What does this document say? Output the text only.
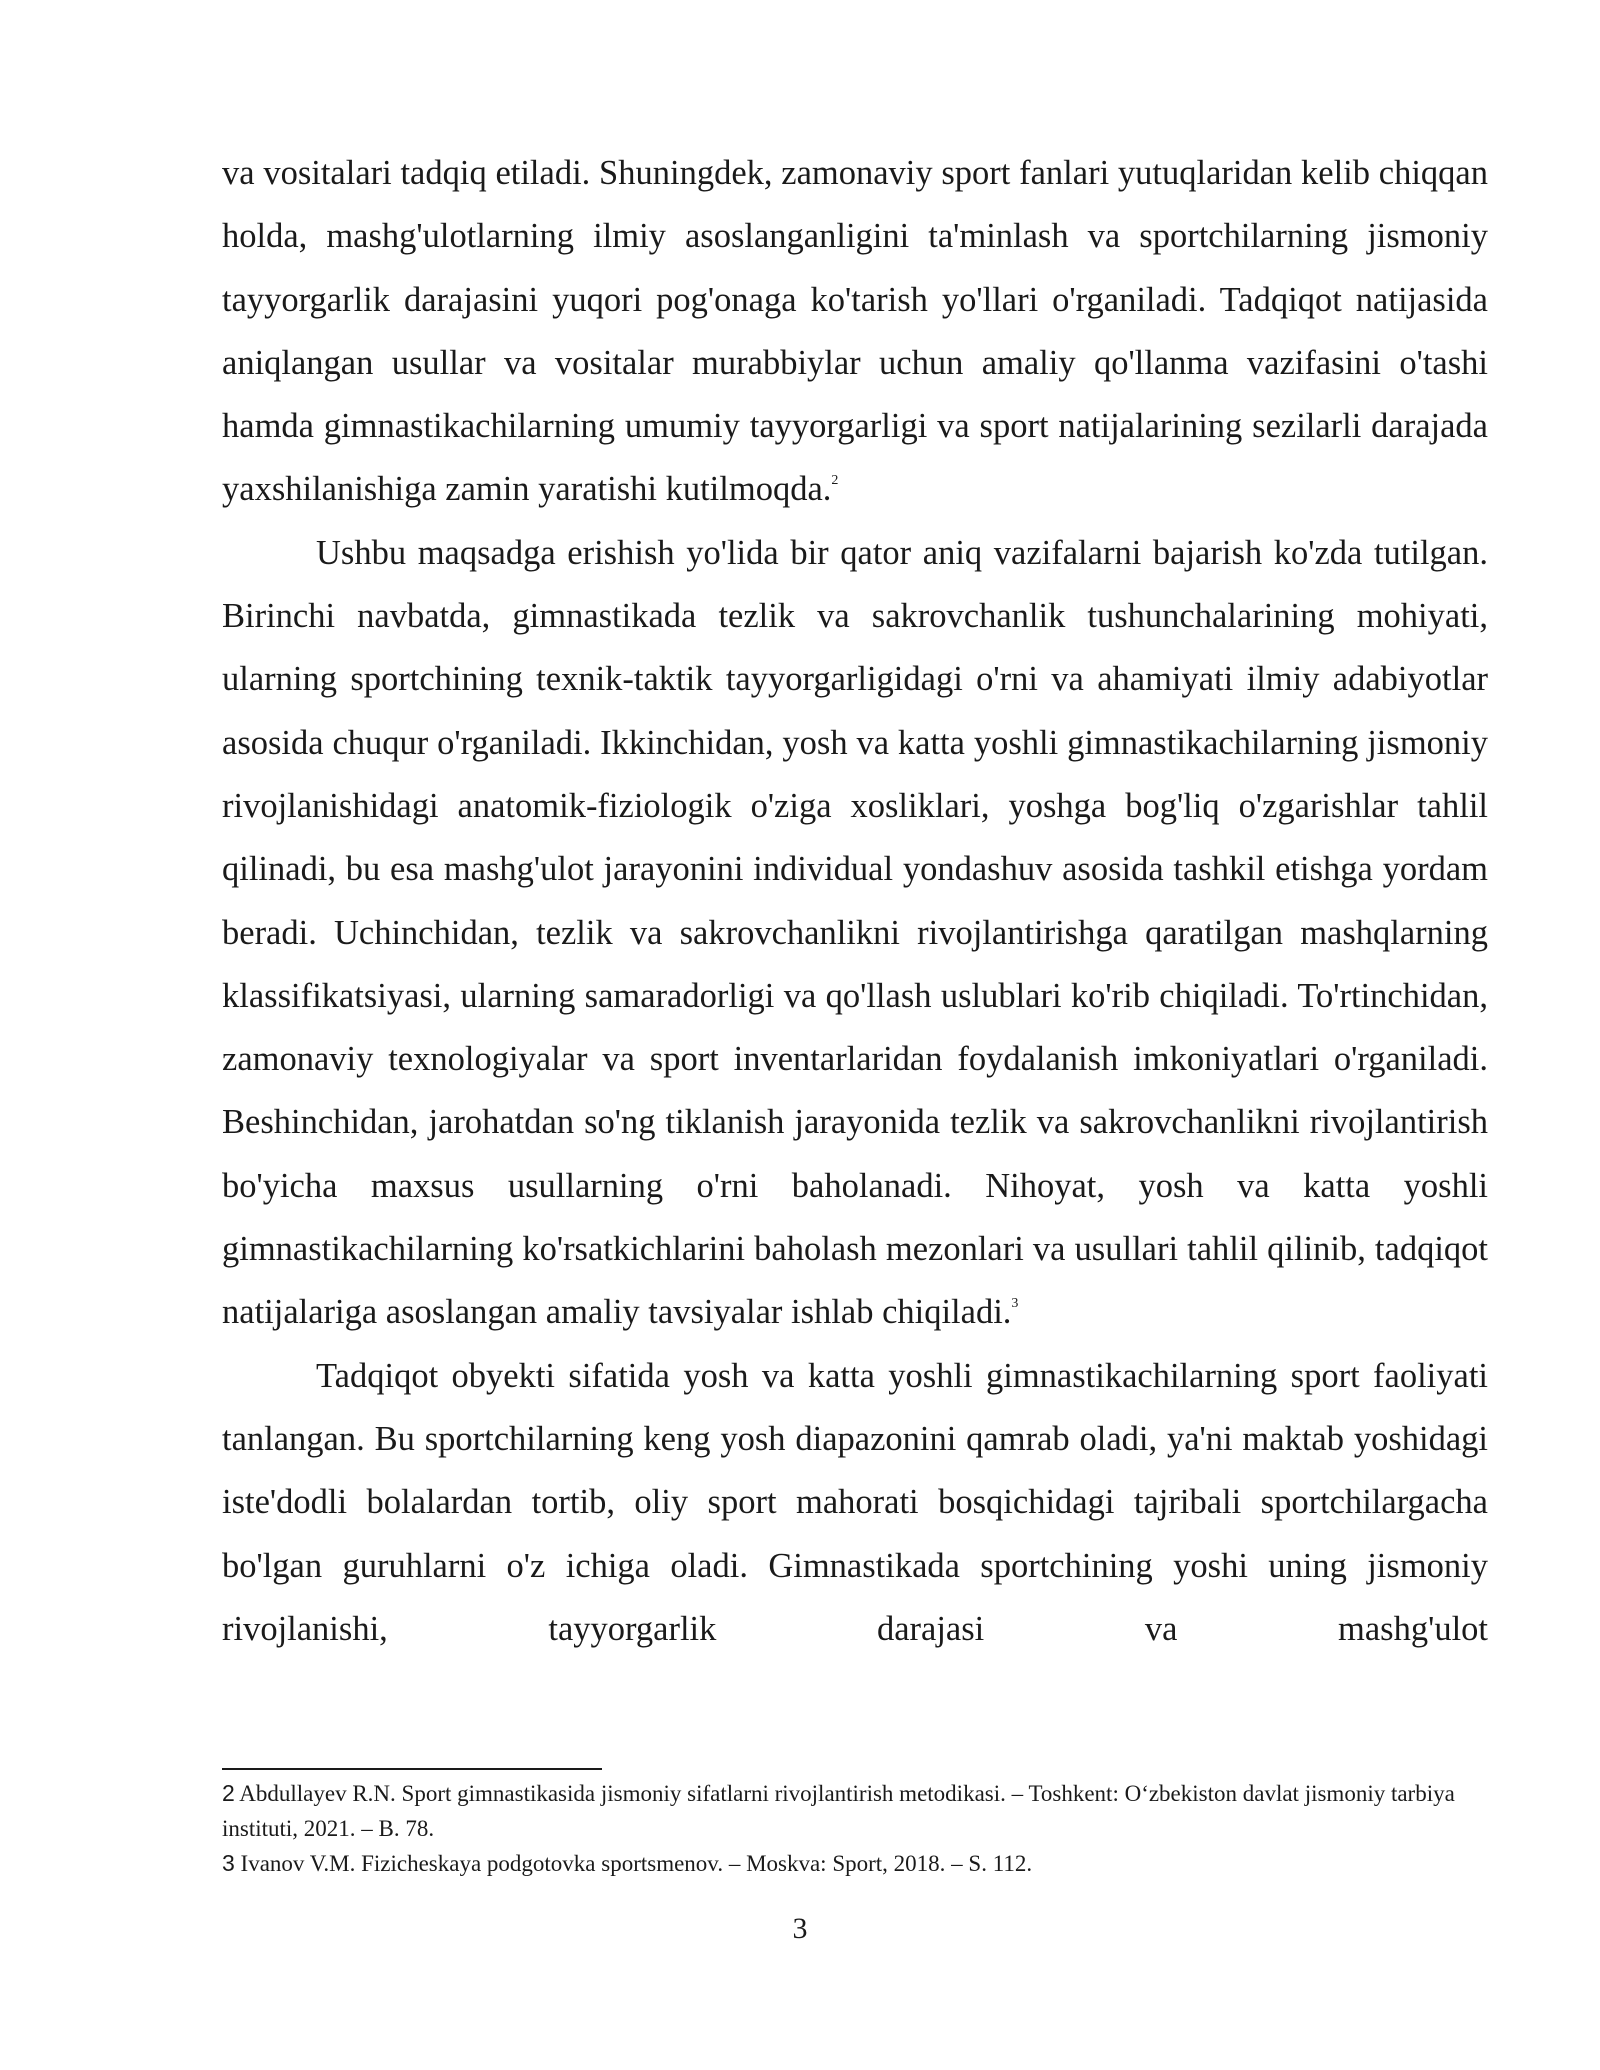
va vositalari tadqiq etiladi. Shuningdek, zamonaviy sport fanlari yutuqlaridan kelib chiqqan holda, mashg'ulotlarning ilmiy asoslanganligini ta'minlash va sportchilarning jismoniy tayyorgarlik darajasini yuqori pog'onaga ko'tarish yo'llari o'rganiladi. Tadqiqot natijasida aniqlangan usullar va vositalar murabbiylar uchun amaliy qo'llanma vazifasini o'tashi hamda gimnastikachilarning umumiy tayyorgarligi va sport natijalarining sezilarli darajada yaxshilanishiga zamin yaratishi kutilmoqda.$^2$

Ushbu maqsadga erishish yo'lida bir qator aniq vazifalarni bajarish ko'zda tutilgan. Birinchi navbatda, gimnastikada tezlik va sakrovchanlik tushunchalarining mohiyati, ularning sportchining texnik-taktik tayyorgarligidagi o'rni va ahamiyati ilmiy adabiyotlar asosida chuqur o'rganiladi. Ikkinchidan, yosh va katta yoshli gimnastikachilarning jismoniy rivojlanishidagi anatomik-fiziologik o'ziga xosliklari, yoshga bog'liq o'zgarishlar tahlil qilinadi, bu esa mashg'ulot jarayonini individual yondashuv asosida tashkil etishga yordam beradi. Uchinchidan, tezlik va sakrovchanlikni rivojlantirishga qaratilgan mashqlarning klassifikatsiyasi, ularning samaradorligi va qo'llash uslublari ko'rib chiqiladi. To'rtinchidan, zamonaviy texnologiyalar va sport inventarlaridan foydalanish imkoniyatlari o'rganiladi. Beshinchidan, jarohatdan so'ng tiklanish jarayonida tezlik va sakrovchanlikni rivojlantirish bo'yicha maxsus usullarning o'rni baholanadi. Nihoyat, yosh va katta yoshli gimnastikachilarning ko'rsatkichlarini baholash mezonlari va usullari tahlil qilinib, tadqiqot natijalariga asoslangan amaliy tavsiyalar ishlab chiqiladi.$^3$

Tadqiqot obyekti sifatida yosh va katta yoshli gimnastikachilarning sport faoliyati tanlangan. Bu sportchilarning keng yosh diapazonini qamrab oladi, ya'ni maktab yoshidagi iste'dodli bolalardan tortib, oliy sport mahorati bosqichidagi tajribali sportchilargacha bo'lgan guruhlarni o'z ichiga oladi. Gimnastikada sportchining yoshi uning jismoniy rivojlanishi, tayyorgarlik darajasi va mashg'ulot

2 Abdullayev R.N. Sport gimnastikasida jismoniy sifatlarni rivojlantirish metodikasi. – Toshkent: O‘zbekiston davlat jismoniy tarbiya instituti, 2021. – B. 78.

3 Ivanov V.M. Fizicheskaya podgotovka sportsmenov. – Moskva: Sport, 2018. – S. 112.

3
